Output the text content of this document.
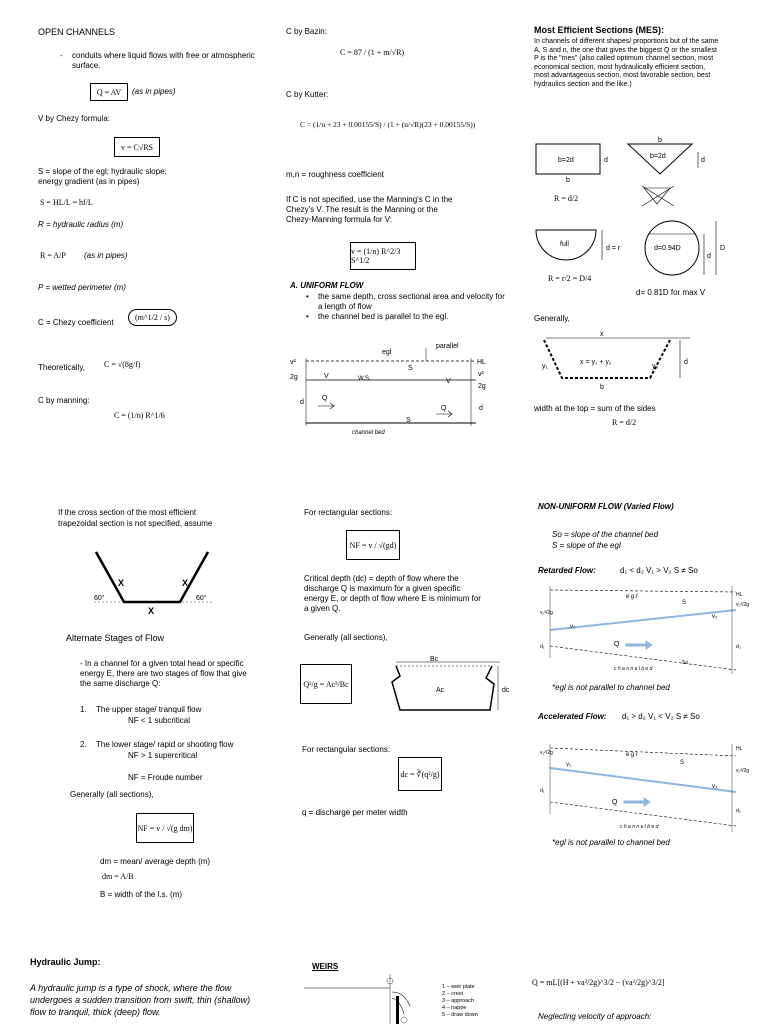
OPEN CHANNELS
- conduits where liquid flows with free or atmospheric surface.
Q = AV	(as in pipes)
V by Chezy formula:
v = C√RS
S = slope of the egl; hydraulic slope;
energy gradient (as in pipes)
S = HL/L = hf/L
R = hydraulic radius (m)
R = A/P (as in pipes)
P = wetted perimeter (m)
C = Chezy coefficient
(m^1/2 / s)
Theoretically, C = √(8g/f)
C by manning:
C = (1/n) R^1/6
C by Bazin:
C = 87 / (1 + m/√R)
C by Kutter:
C = (1/n + 23 + 0.00155/S) / (1 + (n/√R)(23 + 0.00155/S))
m,n = roughness coefficient
If C is not specified, use the Manning's C in the
Chezy's V. The result is the Manning or the
Chezy-Manning formula for V:
v = (1/n) R^2/3 S^1/2
A. UNIFORM FLOW
• the same depth, cross sectional area and velocity for a length of flow
• the channel bed is parallel to the egl.
egl
parallel
S
W.S.
V
V
Q
Q
S
d
d
HL
v²
2g	v²
2g
channel bed
Most Efficient Sections (MES):
In channels of different shapes/ proportions but of the same A, S and n, the one that gives the biggest Q or the smallest P is the "mes" (also called optimum channel section, most economical section, most hydraulically efficient section, most advantageous section, most favorable section, best hydraulics section and the like.)
b=2d	d
b
b=2d
b
d
R = d/2
full
d = r	d=0.94D
d
D
R = r/2 = D/4
d= 0.81D for max V
Generally,
x
x = y₁ + y₂
y₁	y₂
b
d
width at the top = sum of the sides
R = d/2
If the cross section of the most efficient
trapezoidal section is not specified, assume
X	X
X
60°	60°
Alternate Stages of Flow
- In a channel for a given total head or specific energy E, there are two stages of flow that give the same discharge Q:
1. The upper stage/ tranquil flow
NF < 1 subcritical
2. The lower stage/ rapid or shooting flow
NF > 1 supercritical
NF = Froude number
Generally (all sections),
NF = v / √(g dm)
dm = mean/ average depth (m)
dm = A/B
B = width of the l.s. (m)
For rectangular sections:
NF = v / √(gd)
Critical depth (dc) = depth of flow where the discharge Q is maximum for a given specific energy E, or depth of flow where E is minimum for a given Q.
Generally (all sections),
Q²/g = Ac³/Bc
Bc
Ac	dc
For rectangular sections:
dc = ∛(q²/g)
q = discharge per meter width
NON-UNIFORM FLOW (Varied Flow)
So = slope of the channel bed
S = slope of the egl
Retarded Flow:	d₁ < d₂ V₁ > V₂ S ≠ So
e g l
S
v₁
v₂
Q
c h a n n e l b e d
So
v₁²/2g
d₁
HL
v₂²/2g
d₂
*egl is not parallel to channel bed
Accelerated Flow: d₁ > d₂ V₁ < V₂ S ≠ So
e g l
S
v₁
v₂
Q
c h a n n e l b e d
v₁²/2g
d₁
HL
v₂²/2g
d₂
*egl is not parallel to channel bed
Hydraulic Jump:
A hydraulic jump is a type of shock, where the flow undergoes a sudden transition from swift, thin (shallow) flow to tranquil, thick (deep) flow.
WEIRS
1 – weir plate
2 – crest
3 – approach
4 – nappe
5 – draw down
Q = mL[(H + va²/2g)^3/2 − (va²/2g)^3/2]
Neglecting velocity of approach:
